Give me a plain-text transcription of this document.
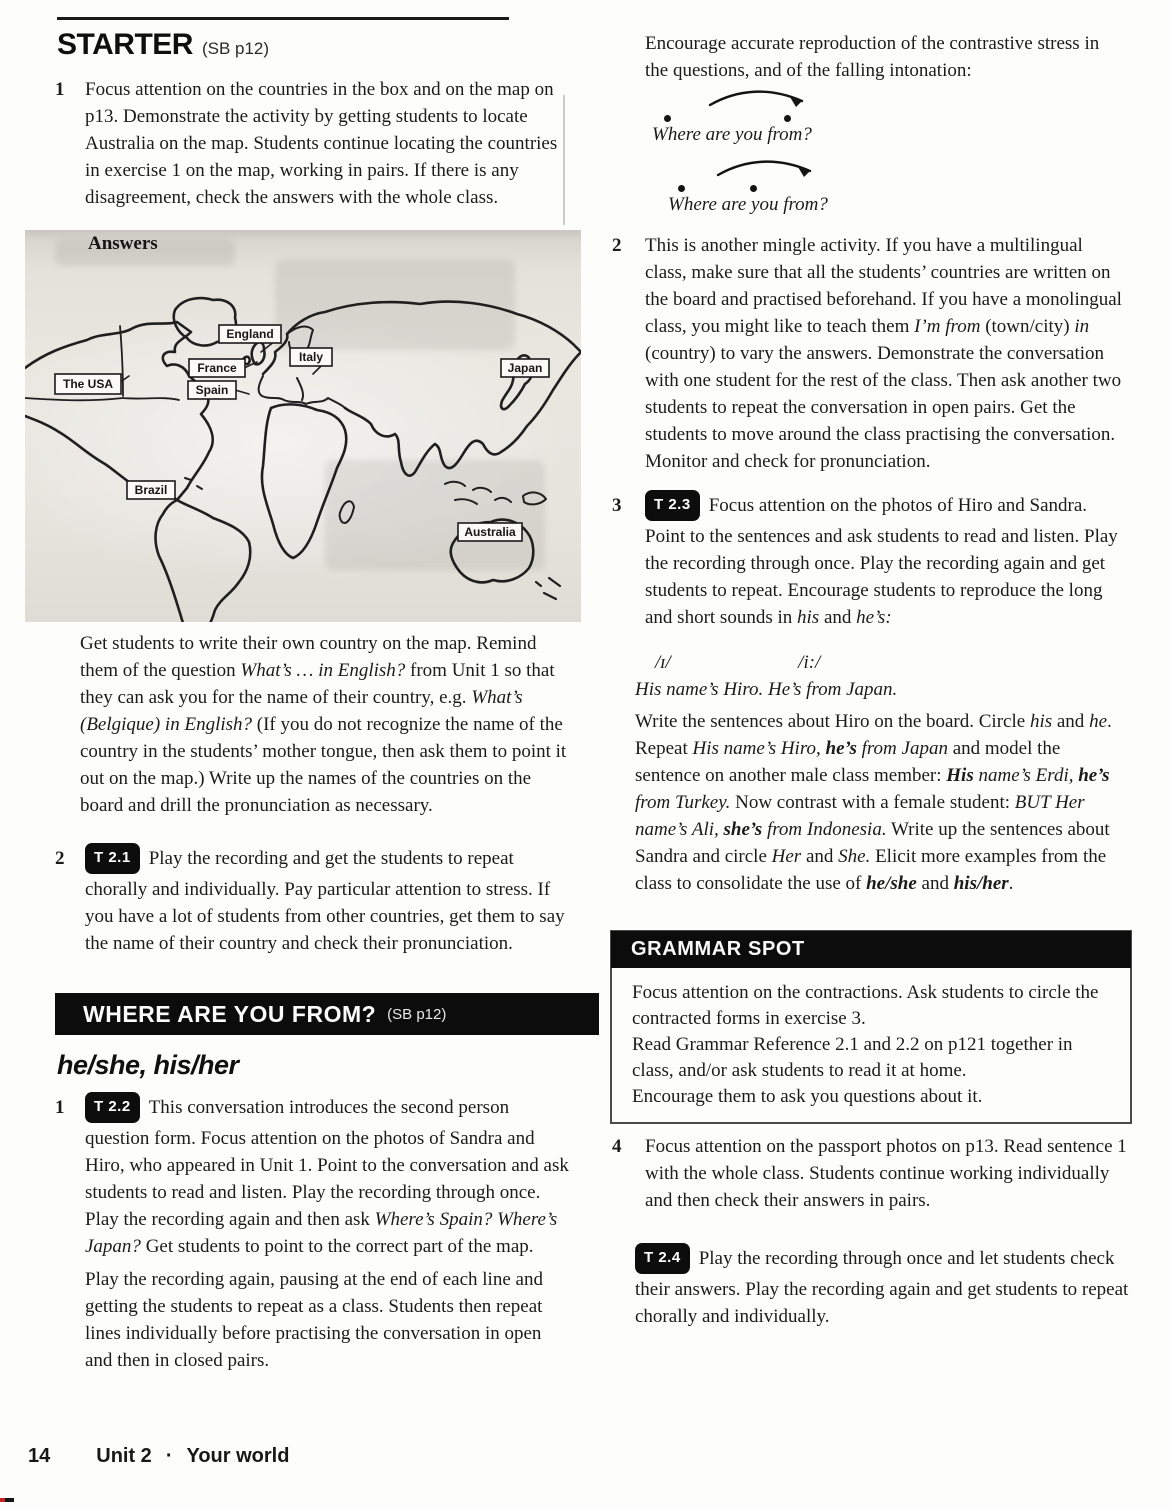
STARTER (SB p12)
1 Focus attention on the countries in the box and on the map on p13. Demonstrate the activity by getting students to locate Australia on the map. Students continue locating the countries in exercise 1 on the map, working in pairs. If there is any disagreement, check the answers with the whole class.
Answers
England
France
Spain
Italy
Japan
The USA
Brazil
Australia
Get students to write their own country on the map. Remind them of the question What’s … in English? from Unit 1 so that they can ask you for the name of their country, e.g. What’s (Belgique) in English? (If you do not recognize the name of the country in the students’ mother tongue, then ask them to point it out on the map.) Write up the names of the countries on the board and drill the pronunciation as necessary.
2	T 2.1 Play the recording and get the students to repeat chorally and individually. Pay particular attention to stress. If you have a lot of students from other countries, get them to say the name of their country and check their pronunciation.
WHERE ARE YOU FROM? (SB p12)
he/she, his/her
1	T 2.2 This conversation introduces the second person question form. Focus attention on the photos of Sandra and Hiro, who appeared in Unit 1. Point to the conversation and ask students to read and listen. Play the recording through once. Play the recording again and then ask Where’s Spain? Where’s Japan? Get students to point to the correct part of the map.
Play the recording again, pausing at the end of each line and getting the students to repeat as a class. Students then repeat lines individually before practising the conversation in open and then in closed pairs.
Encourage accurate reproduction of the contrastive stress in the questions, and of the falling intonation:
Where are you from?
Where are you from?
2 This is another mingle activity. If you have a multilingual class, make sure that all the students’ countries are written on the board and practised beforehand. If you have a monolingual class, you might like to teach them I’m from (town/city) in (country) to vary the answers. Demonstrate the conversation with one student for the rest of the class. Then ask another two students to repeat the conversation in open pairs. Get the students to move around the class practising the conversation. Monitor and check for pronunciation.
3	T 2.3 Focus attention on the photos of Hiro and Sandra. Point to the sentences and ask students to read and listen. Play the recording through once. Play the recording again and get students to repeat. Encourage students to reproduce the long and short sounds in his and he’s:
/ɪ/	/i:/
His name’s Hiro. He’s from Japan.
Write the sentences about Hiro on the board. Circle his and he. Repeat His name’s Hiro, he’s from Japan and model the sentence on another male class member: His name’s Erdi, he’s from Turkey. Now contrast with a female student: BUT Her name’s Ali, she’s from Indonesia. Write up the sentences about Sandra and circle Her and She. Elicit more examples from the class to consolidate the use of he/she and his/her.
GRAMMAR SPOT

Focus attention on the contractions. Ask students to circle the contracted forms in exercise 3.

Read Grammar Reference 2.1 and 2.2 on p121 together in class, and/or ask students to read it at home.

Encourage them to ask you questions about it.

4 Focus attention on the passport photos on p13. Read sentence 1 with the whole class. Students continue working individually and then check their answers in pairs.
T 2.4 Play the recording through once and let students check their answers. Play the recording again and get students to repeat chorally and individually.
14 Unit 2 · Your world
